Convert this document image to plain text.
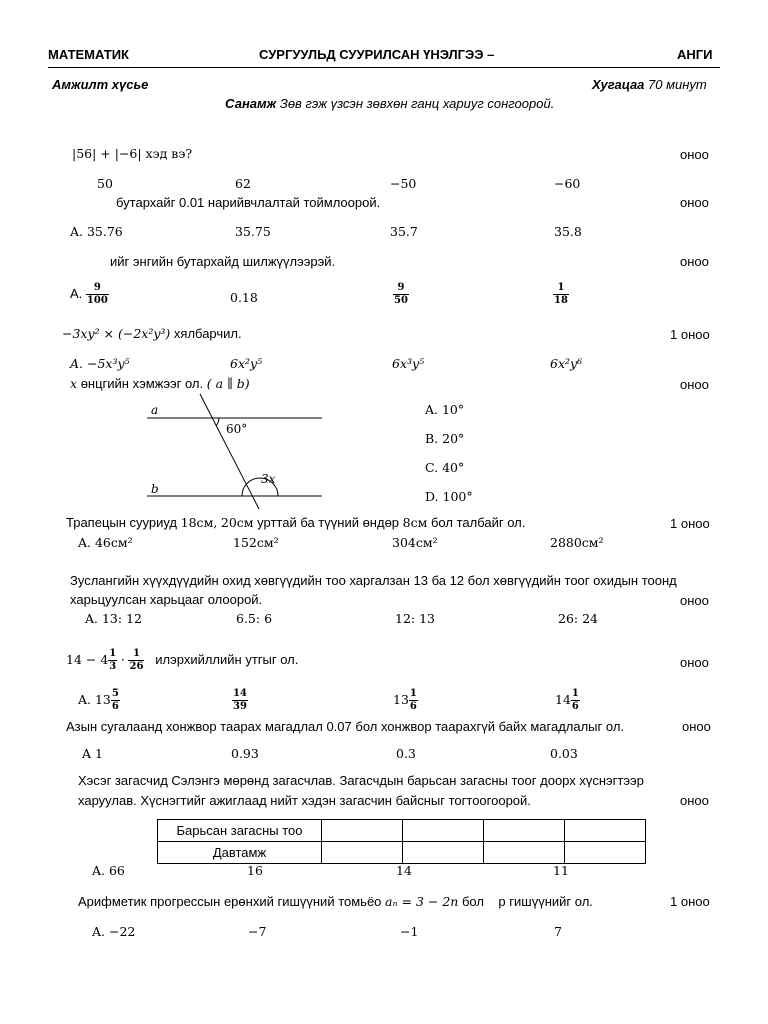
МАТЕМАТИК	СУРГУУЛЬД СУУРИЛСАН ҮНЭЛГЭЭ –	АНГИ
Амжилт хүсье	Хугацаа 70 минут
Санамж Зөв гэж үзсэн зөвхөн ганц хариуг сонгоорой.
|56| + |−6| хэд вэ?	оноо
50	62	−50	−60
бутархайг 0.01 нарийвчлалтай тоймлоорой.	оноо
A. 35.76	35.75	35.7	35.8
ийг энгийн бутархайд шилжүүлээрэй.	оноо
A. $\frac{9}{100}$	0.18	$\frac{9}{50}$	$\frac{1}{18}$
−3xy² × (−2x²y³) хялбарчил.	1 оноо
A. −5x³y⁵	6x²y⁵	6x³y⁵	6x²y⁶
x өнцгийн хэмжээг ол. ( a ∥ b)	оноо
a
b
60°
3x
A. 10°
B. 20°
C. 40°
D. 100°
Трапецын сууриуд 18см, 20см урттай ба түүний өндөр 8см бол талбайг ол.	1 оноо
A. 46см²	152см²	304см²	2880см²
Зуслангийн хүүхдүүдийн охид хөвгүүдийн тоо харгалзан 13 ба 12 бол хөвгүүдийн тоог охидын тоонд
харьцуулсан харьцааг олоорой.	оноо
A. 13: 12	6.5: 6	12: 13	26: 24
$14 - 4 \frac{1}{3} \cdot \frac{1}{26}$ илэрхийллийн утгыг ол.	оноо
A. $13 \frac{5}{6}$	$\frac{14}{39}$	$13 \frac{1}{6}$	$14 \frac{1}{6}$
Азын сугалаанд хонжвор таарах магадлал 0.07 бол хонжвор таарахгүй байх магадлалыг ол.	оноо
A 1	0.93	0.3	0.03
Хэсэг загасчид Сэлэнгэ мөрөнд загасчлав. Загасчдын барьсан загасны тоог доорх хүснэгтээр
харуулав. Хүснэгтийг ажиглаад нийт хэдэн загасчин байсныг тогтоогоорой.	оноо
Барьсан загасны тоо				
Давтамж				
A. 66	16	14	11
Арифметик прогрессын ерөнхий гишүүний томьёо aₙ = 3 − 2n бол р гишүүнийг ол.	1 оноо
A. −22	−7	−1	7
